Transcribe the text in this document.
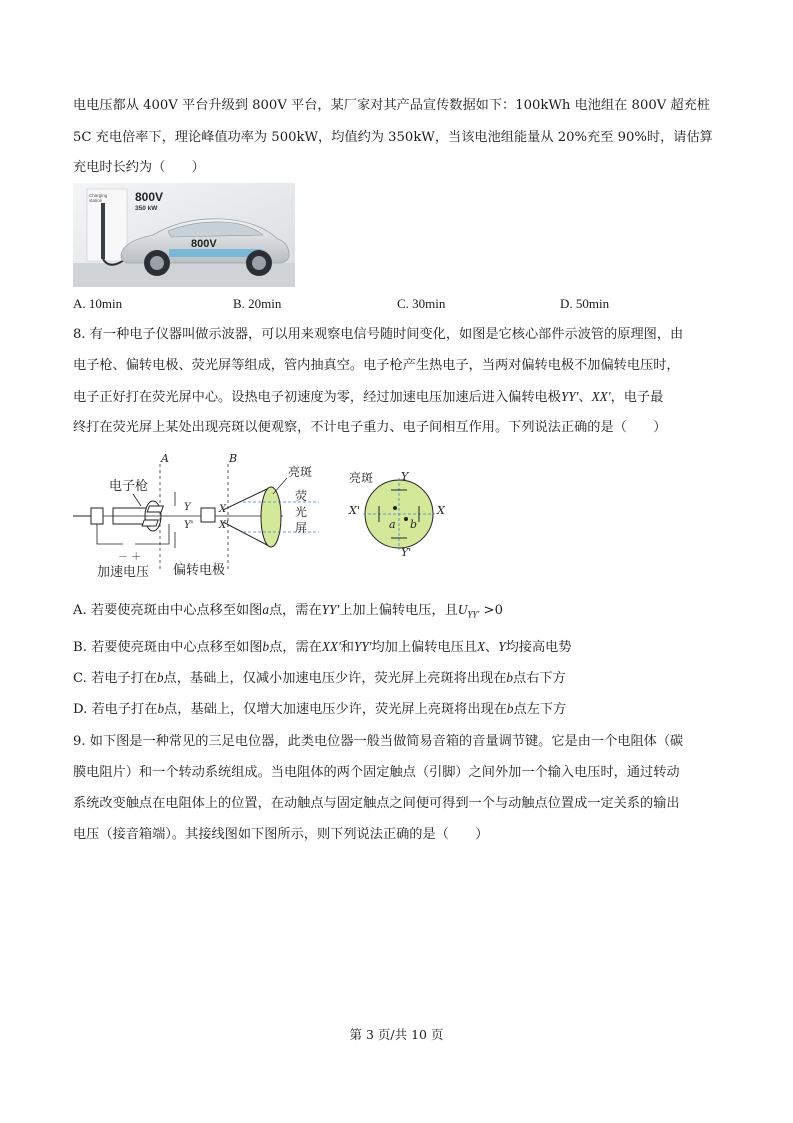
电电压都从 400V 平台升级到 800V 平台，某厂家对其产品宣传数据如下：100kWh 电池组在 800V 超充桩
5C 充电倍率下，理论峰值功率为 500kW，均值约为 350kW，当该电池组能量从 20%充至 90%时，请估算
充电时长约为（　　）
Charging
station	800V
350 kW
800V
A. 10min	B. 20min	C. 30min	D. 50min
8. 有一种电子仪器叫做示波器，可以用来观察电信号随时间变化，如图是它核心部件示波管的原理图，由
电子枪、偏转电极、荧光屏等组成，管内抽真空。电子枪产生热电子，当两对偏转电极不加偏转电压时，
电子正好打在荧光屏中心。设热电子初速度为零，经过加速电压加速后进入偏转电极YY'、XX'，电子最
终打在荧光屏上某处出现亮斑以便观察，不计电子重力、电子间相互作用。下列说法正确的是（　　）
电子枪
－ ＋
加速电压
A	B
Y
Y'
X
X'
偏转电极
亮斑
荧
光
屏
亮斑
a b
Y
Y'
X'	X
A. 若要使亮斑由中心点移至如图a点，需在YY'上加上偏转电压，且$U_{YY'} >0$
B. 若要使亮斑由中心点移至如图b点，需在XX'和YY'均加上偏转电压且X、Y均接高电势
C. 若电子打在b点，基础上，仅减小加速电压少许，荧光屏上亮斑将出现在b点右下方
D. 若电子打在b点，基础上，仅增大加速电压少许，荧光屏上亮斑将出现在b点左下方
9. 如下图是一种常见的三足电位器，此类电位器一般当做简易音箱的音量调节键。它是由一个电阻体（碳
膜电阻片）和一个转动系统组成。当电阻体的两个固定触点（引脚）之间外加一个输入电压时，通过转动
系统改变触点在电阻体上的位置，在动触点与固定触点之间便可得到一个与动触点位置成一定关系的输出
电压（接音箱端）。其接线图如下图所示，则下列说法正确的是（　　）
第 3 页/共 10 页
